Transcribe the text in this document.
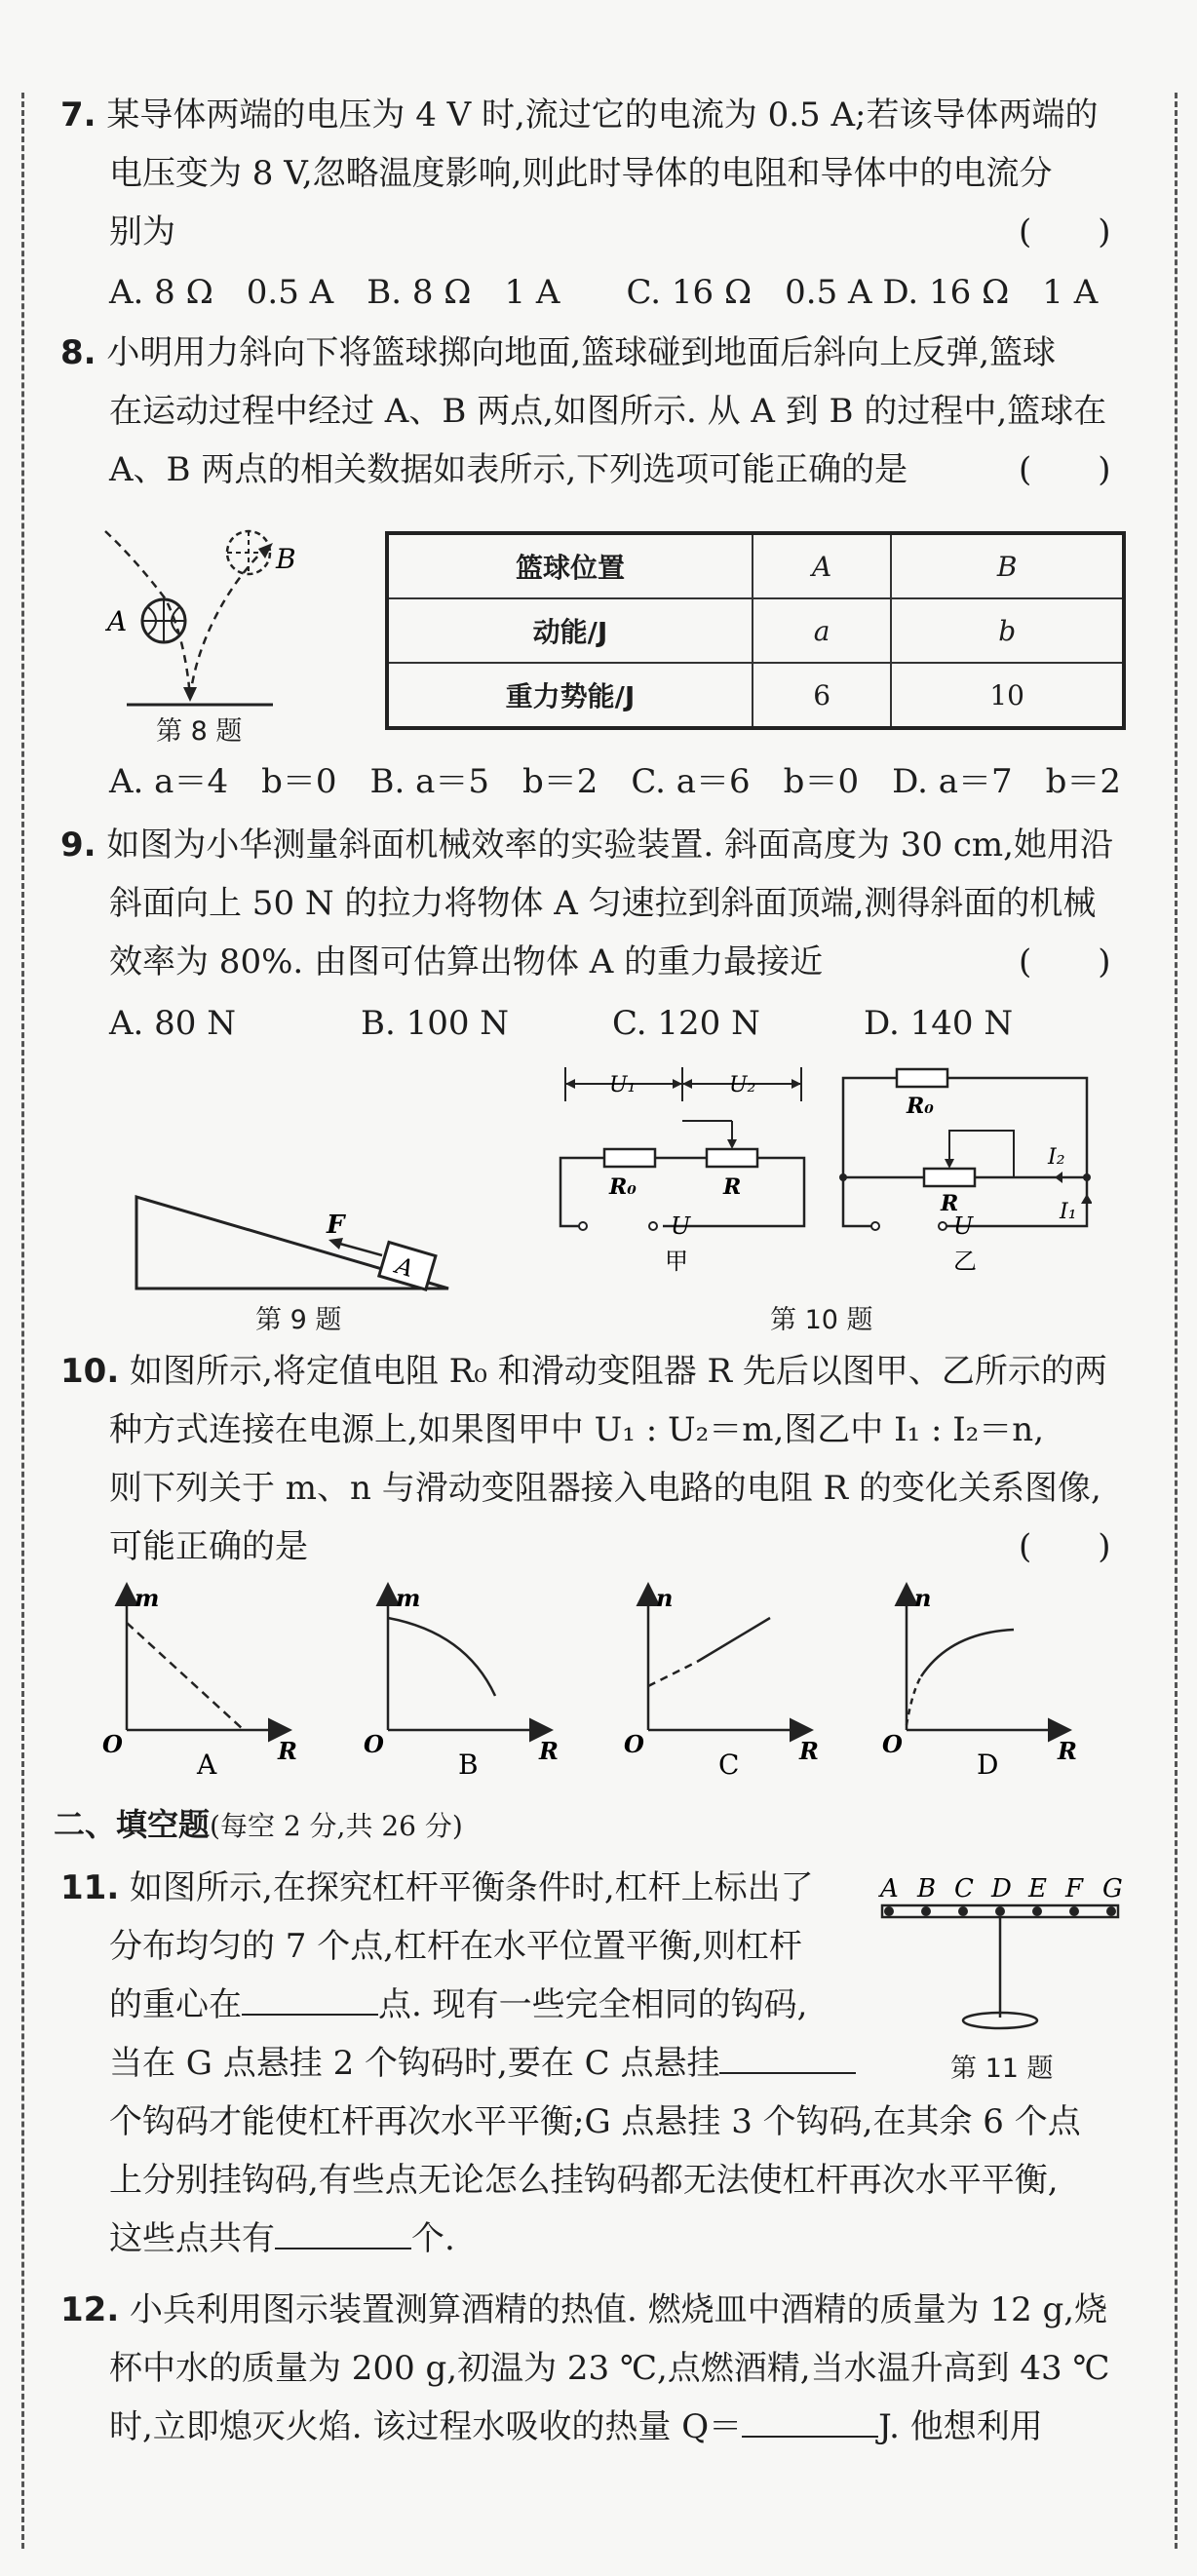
7. 某导体两端的电压为 4 V 时,流过它的电流为 0.5 A;若该导体两端的
电压变为 8 V,忽略温度影响,则此时导体的电阻和导体中的电流分
别为	(　　)
A. 8 Ω　0.5 A　B. 8 Ω　1 A　　C. 16 Ω　0.5 A D. 16 Ω　1 A
8. 小明用力斜向下将篮球掷向地面,篮球碰到地面后斜向上反弹,篮球
在运动过程中经过 A、B 两点,如图所示. 从 A 到 B 的过程中,篮球在
A、B 两点的相关数据如表所示,下列选项可能正确的是	(　　)
A
B
第 8 题
篮球位置	A	B
动能/J	a	b
重力势能/J	6	10
A. a＝4　b＝0　B. a＝5　b＝2　C. a＝6　b＝0　D. a＝7　b＝2
9. 如图为小华测量斜面机械效率的实验装置. 斜面高度为 30 cm,她用沿
斜面向上 50 N 的拉力将物体 A 匀速拉到斜面顶端,测得斜面的机械
效率为 80%. 由图可估算出物体 A 的重力最接近	(　　)
A. 80 N	B. 100 N	C. 120 N	D. 140 N
A
F
第 9 题
U₁	U₂
R₀	R
U
甲
R₀
R
I₂
I₁
U
乙
第 10 题
10. 如图所示,将定值电阻 R₀ 和滑动变阻器 R 先后以图甲、乙所示的两
种方式连接在电源上,如果图甲中 U₁ : U₂＝m,图乙中 I₁ : I₂＝n,
则下列关于 m、n 与滑动变阻器接入电路的电阻 R 的变化关系图像,
可能正确的是	(　　)
m
O	R
A
m
O	R
B
n
O	R
C
n
O	R
D
二、填空题(每空 2 分,共 26 分)
11. 如图所示,在探究杠杆平衡条件时,杠杆上标出了
分布均匀的 7 个点,杠杆在水平位置平衡,则杠杆
的重心在	点. 现有一些完全相同的钩码,
当在 G 点悬挂 2 个钩码时,要在 C 点悬挂
个钩码才能使杠杆再次水平平衡;G 点悬挂 3 个钩码,在其余 6 个点
上分别挂钩码,有些点无论怎么挂钩码都无法使杠杆再次水平平衡,
这些点共有	个.
A B C D E F G
第 11 题
12. 小兵利用图示装置测算酒精的热值. 燃烧皿中酒精的质量为 12 g,烧
杯中水的质量为 200 g,初温为 23 ℃,点燃酒精,当水温升高到 43 ℃
时,立即熄灭火焰. 该过程水吸收的热量 Q＝	J. 他想利用
